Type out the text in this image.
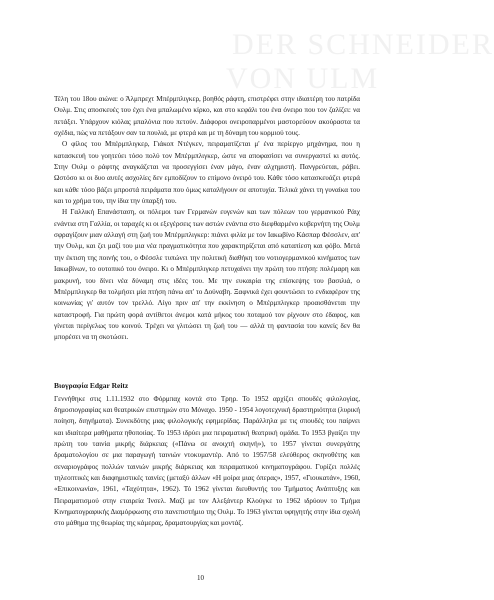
DER SCHNEIDER
VON ULM

Τέλη του 18ου αιώνα: ο Άλμπρεχτ Μπέρμπλιγκερ, βοηθός ράφτη, επιστρέφει στην ιδιαιτέρη του πατρίδα Ουλμ. Στις αποσκευές του έχει ένα μπαλωμένο κίρκο, και στο κεφάλι του ένα όνειρο που τον ζαλίζει: να πετάξει. Υπάρχουν κιόλας μπαλόνια που πετούν. Διάφοροι ονειροπαρμένοι μαστορεύουν ακούραστα τα σχέδια, πώς να πετάξουν σαν τα πουλιά, με φτερά και με τη δύναμη του κορμιού τους.

Ο φίλος του Μπέρμπλιγκερ, Γιάκοπ Ντέγκεν, πειραματίζεται μ' ένα περίεργο μηχάνημα, που η κατασκευή του γοητεύει τόσο πολύ τον Μπέρμπλιγκερ, ώστε να αποφασίσει να συνεργαστεί κι αυτός. Στην Ουλμ ο ράφτης αναγκάζεται να προσεγγίσει έναν μάγο, έναν αλχημιστή. Πανγρεύεται, ράβει. Ωστόσο κι οι δυο αυτές ασχολίες δεν εμποδίζουν το επίμονο όνειρό του. Κάθε τόσο κατασκευάζει φτερά και κάθε τόσο βάζει μπροστά πειράματα που όμως καταλήγουν σε αποτυχία. Τελικά χάνει τη γυναίκα του και το χρήμα του, την ίδια την ύπαρξή του.

Η Γαλλική Επανάσταση, οι πόλεμοι των Γερμανών ευγενών και των πόλεων του γερμανικού Ράιχ ενάντια στη Γαλλία, οι ταραχές κι οι εξεγέρσεις των αστών ενάντια στο διεφθαρμένο κυβερνήτη της Ουλμ σφραγίζουν μιαν αλλαγή στη ζωή του Μπέρμπλιγκερ: πιάνει φιλία με τον Ιακωβίνο Κάσπαρ Φέσσλεν, απ' την Ουλμ, και ζει μαζί του μια νέα πραγματικότητα που χαρακτηρίζεται από καταπίεση και φόβο. Μετά την έκτιση της ποινής του, ο Φέσσλε τυπώνει την πολιτική διαθήκη του νοτιογερμανικού κινήματος των Ιακωβίνων, το ουτοπικό του όνειρο. Κι ο Μπέρμπλιγκερ πετυχαίνει την πρώτη του πτήση: πολέμαρη και μακρυνή, του δίνει νέα δύναμη στις ιδέες του. Με την ευκαιρία της επίσκεψης του βασιλιά, ο Μπέρμπλιγκερ θα τολμήσει μία πτήση πάνω απ' το Δούναβη. Ξαφνικά έχει φουντώσει το ενδιαφέρον της κοινωνίας γι' αυτόν τον τρελλό. Λίγο πριν απ' την εκκίνηση ο Μπέρμπλιγκερ προαισθάνεται την καταστροφή. Για πρώτη φορά αντίθετοι άνεμοι κατά μήκος του ποταμού τον ρίχνουν στο έδαφος, και γίνεται περίγελως του κοινού. Τρέχει να γλιτώσει τη ζωή του — αλλά τη φαντασία του κανείς δεν θα μπορέσει να τη σκοτώσει.

Βιογραφία Edgar Reitz

Γεννήθηκε στις 1.11.1932 στο Φόρμπαχ κοντά στο Τρηρ. Το 1952 αρχίζει σπουδές φιλολογίας, δημοσιογραφίας και θεατρικών επιστημών στο Μόναχο. 1950 - 1954 λογοτεχνική δραστηριότητα (λυρική ποίηση, διηγήματα). Συνεκδότης μιας φιλολογικής εφημερίδας. Παράλληλα με τις σπουδές του παίρνει και ιδιαίτερα μαθήματα ηθοποιίας. Το 1953 ιδρύει μια πειραματική θεατρική ομάδα. Το 1953 βγαίζει την πρώτη του ταινία μικρής διάρκειας («Πάνω σε ανοιχτή σκηνή»), το 1957 γίνεται συνεργάτης δραματολογίου σε μια παραγωγή ταινιών ντοκυμαντέρ. Από το 1957/58 ελεύθερος σκηνοθέτης και σεναριογράφος πολλών ταινιών μικρής διάρκειας και πειραματικού κινηματογράφου. Γυρίζει πολλές τηλεοπτικές και διαφημιστικές ταινίες (μεταξύ άλλων «Η μοίρα μιας όπερας», 1957, «Γιουκατάν», 1960, «Επικοινωνία», 1961, «Ταχύτητα», 1962). Τό 1962 γίνεται διευθυντής του Τμήματος Ανάπτυξης και Πειραματισμού στην εταιρεία Ίνσελ. Μαζί με τον Αλεξάντερ Κλούγκε το 1962 ιδρύουν το Τμήμα Κινηματογραφικής Διαμόρφωσης στο πανεπιστήμιο της Ουλμ. Το 1963 γίνεται υφηγητής στην ίδια σχολή στο μάθημα της θεωρίας της κάμερας, δραματουργίας και μοντάζ.

10
